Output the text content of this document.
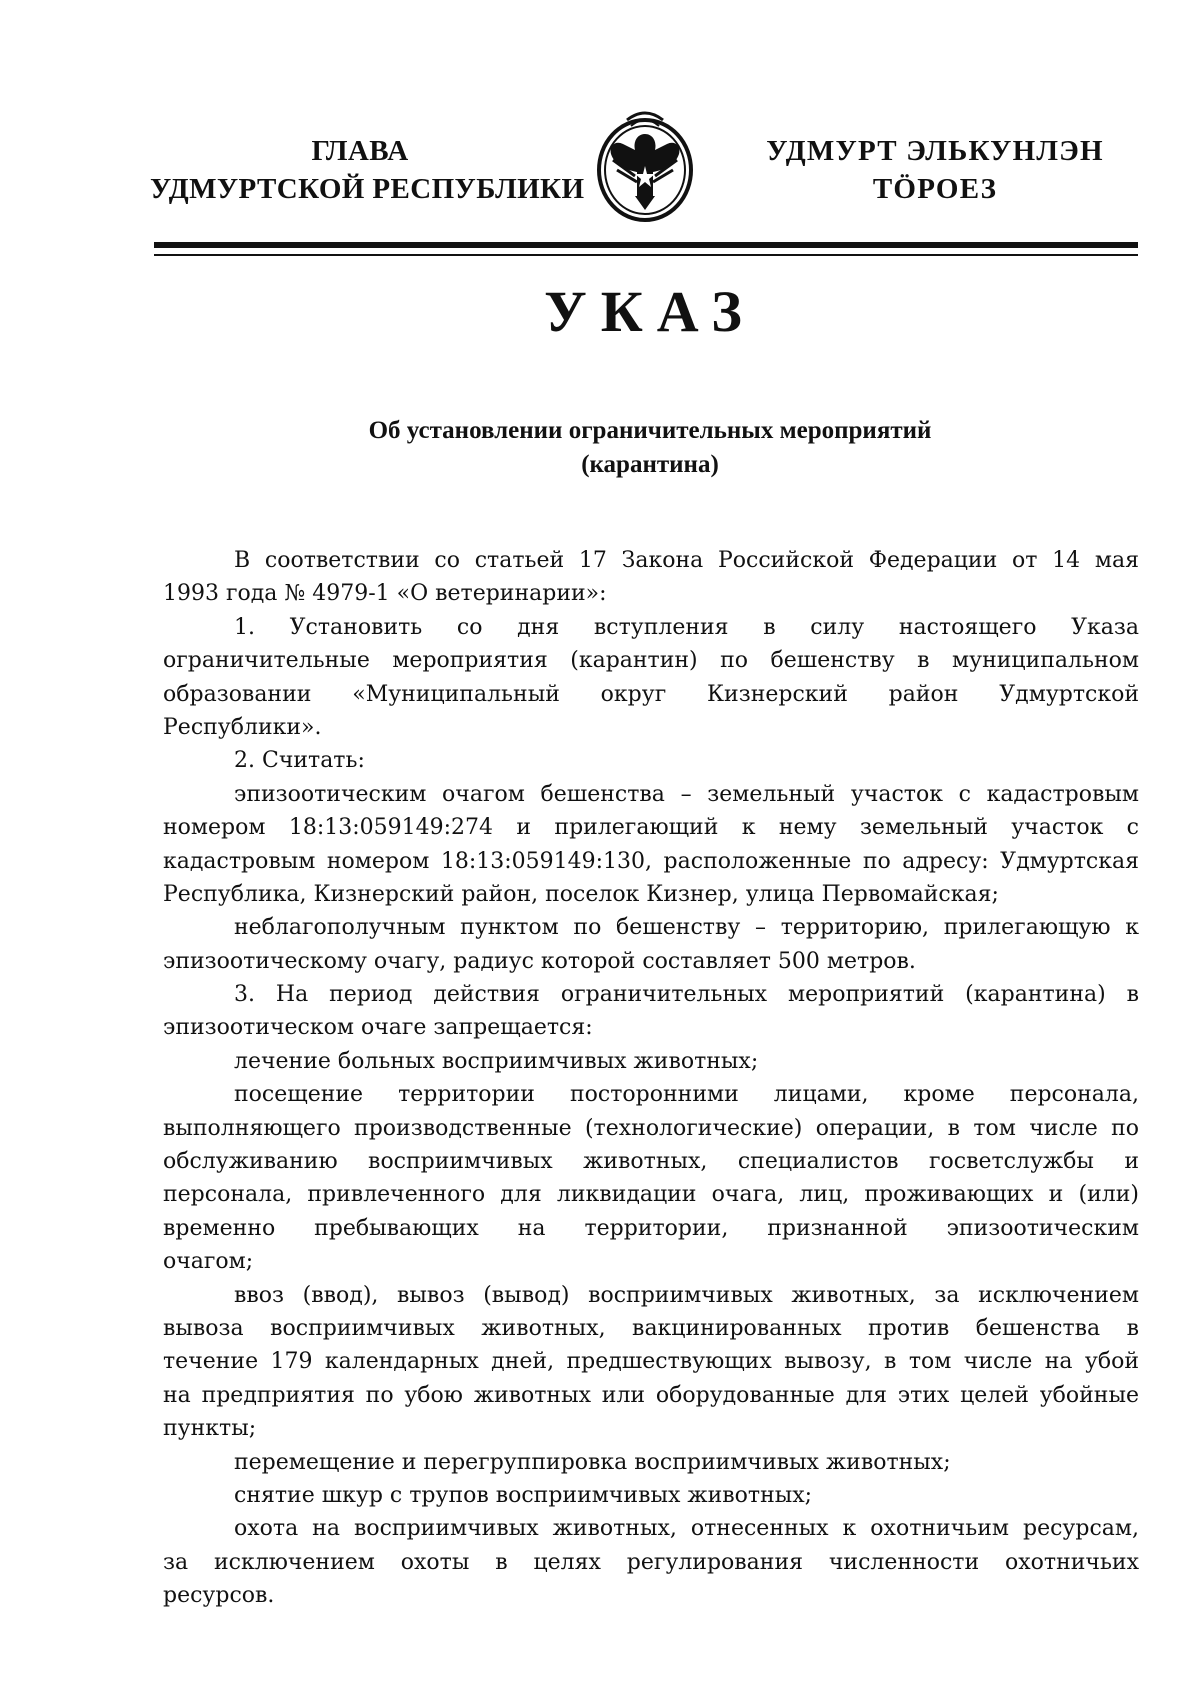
ГЛАВА
УДМУРТСКОЙ РЕСПУБЛИКИ
УДМУРТ ЭЛЬКУНЛЭН
ТӦРОЕЗ
УКАЗ
Об установлении ограничительных мероприятий
(карантина)
В соответствии со статьей 17 Закона Российской Федерации от 14 мая
1993 года № 4979-1 «О ветеринарии»:
1. Установить со дня вступления в силу настоящего Указа
ограничительные мероприятия (карантин) по бешенству в муниципальном
образовании «Муниципальный округ Кизнерский район Удмуртской
Республики».
2. Считать:
эпизоотическим очагом бешенства – земельный участок с кадастровым
номером 18:13:059149:274 и прилегающий к нему земельный участок с
кадастровым номером 18:13:059149:130, расположенные по адресу: Удмуртская
Республика, Кизнерский район, поселок Кизнер, улица Первомайская;
неблагополучным пунктом по бешенству – территорию, прилегающую к
эпизоотическому очагу, радиус которой составляет 500 метров.
3. На период действия ограничительных мероприятий (карантина) в
эпизоотическом очаге запрещается:
лечение больных восприимчивых животных;
посещение территории посторонними лицами, кроме персонала,
выполняющего производственные (технологические) операции, в том числе по
обслуживанию восприимчивых животных, специалистов госветслужбы и
персонала, привлеченного для ликвидации очага, лиц, проживающих и (или)
временно пребывающих на территории, признанной эпизоотическим
очагом;
ввоз (ввод), вывоз (вывод) восприимчивых животных, за исключением
вывоза восприимчивых животных, вакцинированных против бешенства в
течение 179 календарных дней, предшествующих вывозу, в том числе на убой
на предприятия по убою животных или оборудованные для этих целей убойные
пункты;
перемещение и перегруппировка восприимчивых животных;
снятие шкур с трупов восприимчивых животных;
охота на восприимчивых животных, отнесенных к охотничьим ресурсам,
за исключением охоты в целях регулирования численности охотничьих
ресурсов.
